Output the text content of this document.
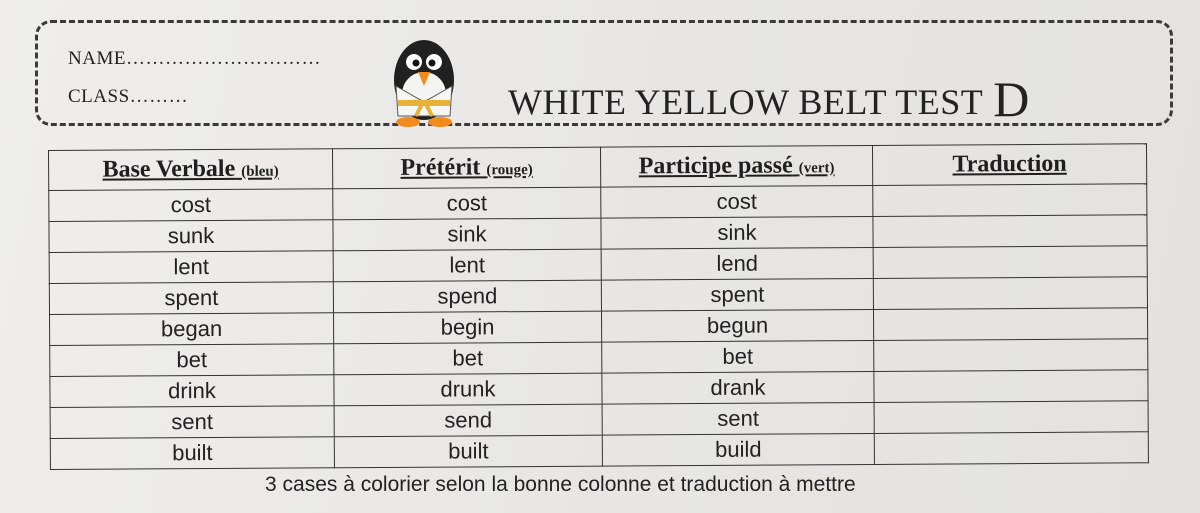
NAME…………………………
CLASS………	WHITE YELLOW BELT TEST D
Base Verbale (bleu)	Prétérit (rouge)	Participe passé (vert)	Traduction
cost	cost	cost	
sunk	sink	sink	
lent	lent	lend	
spent	spend	spent	
began	begin	begun	
bet	bet	bet	
drink	drunk	drank	
sent	send	sent	
built	built	build	
3 cases à colorier selon la bonne colonne et traduction à mettre
